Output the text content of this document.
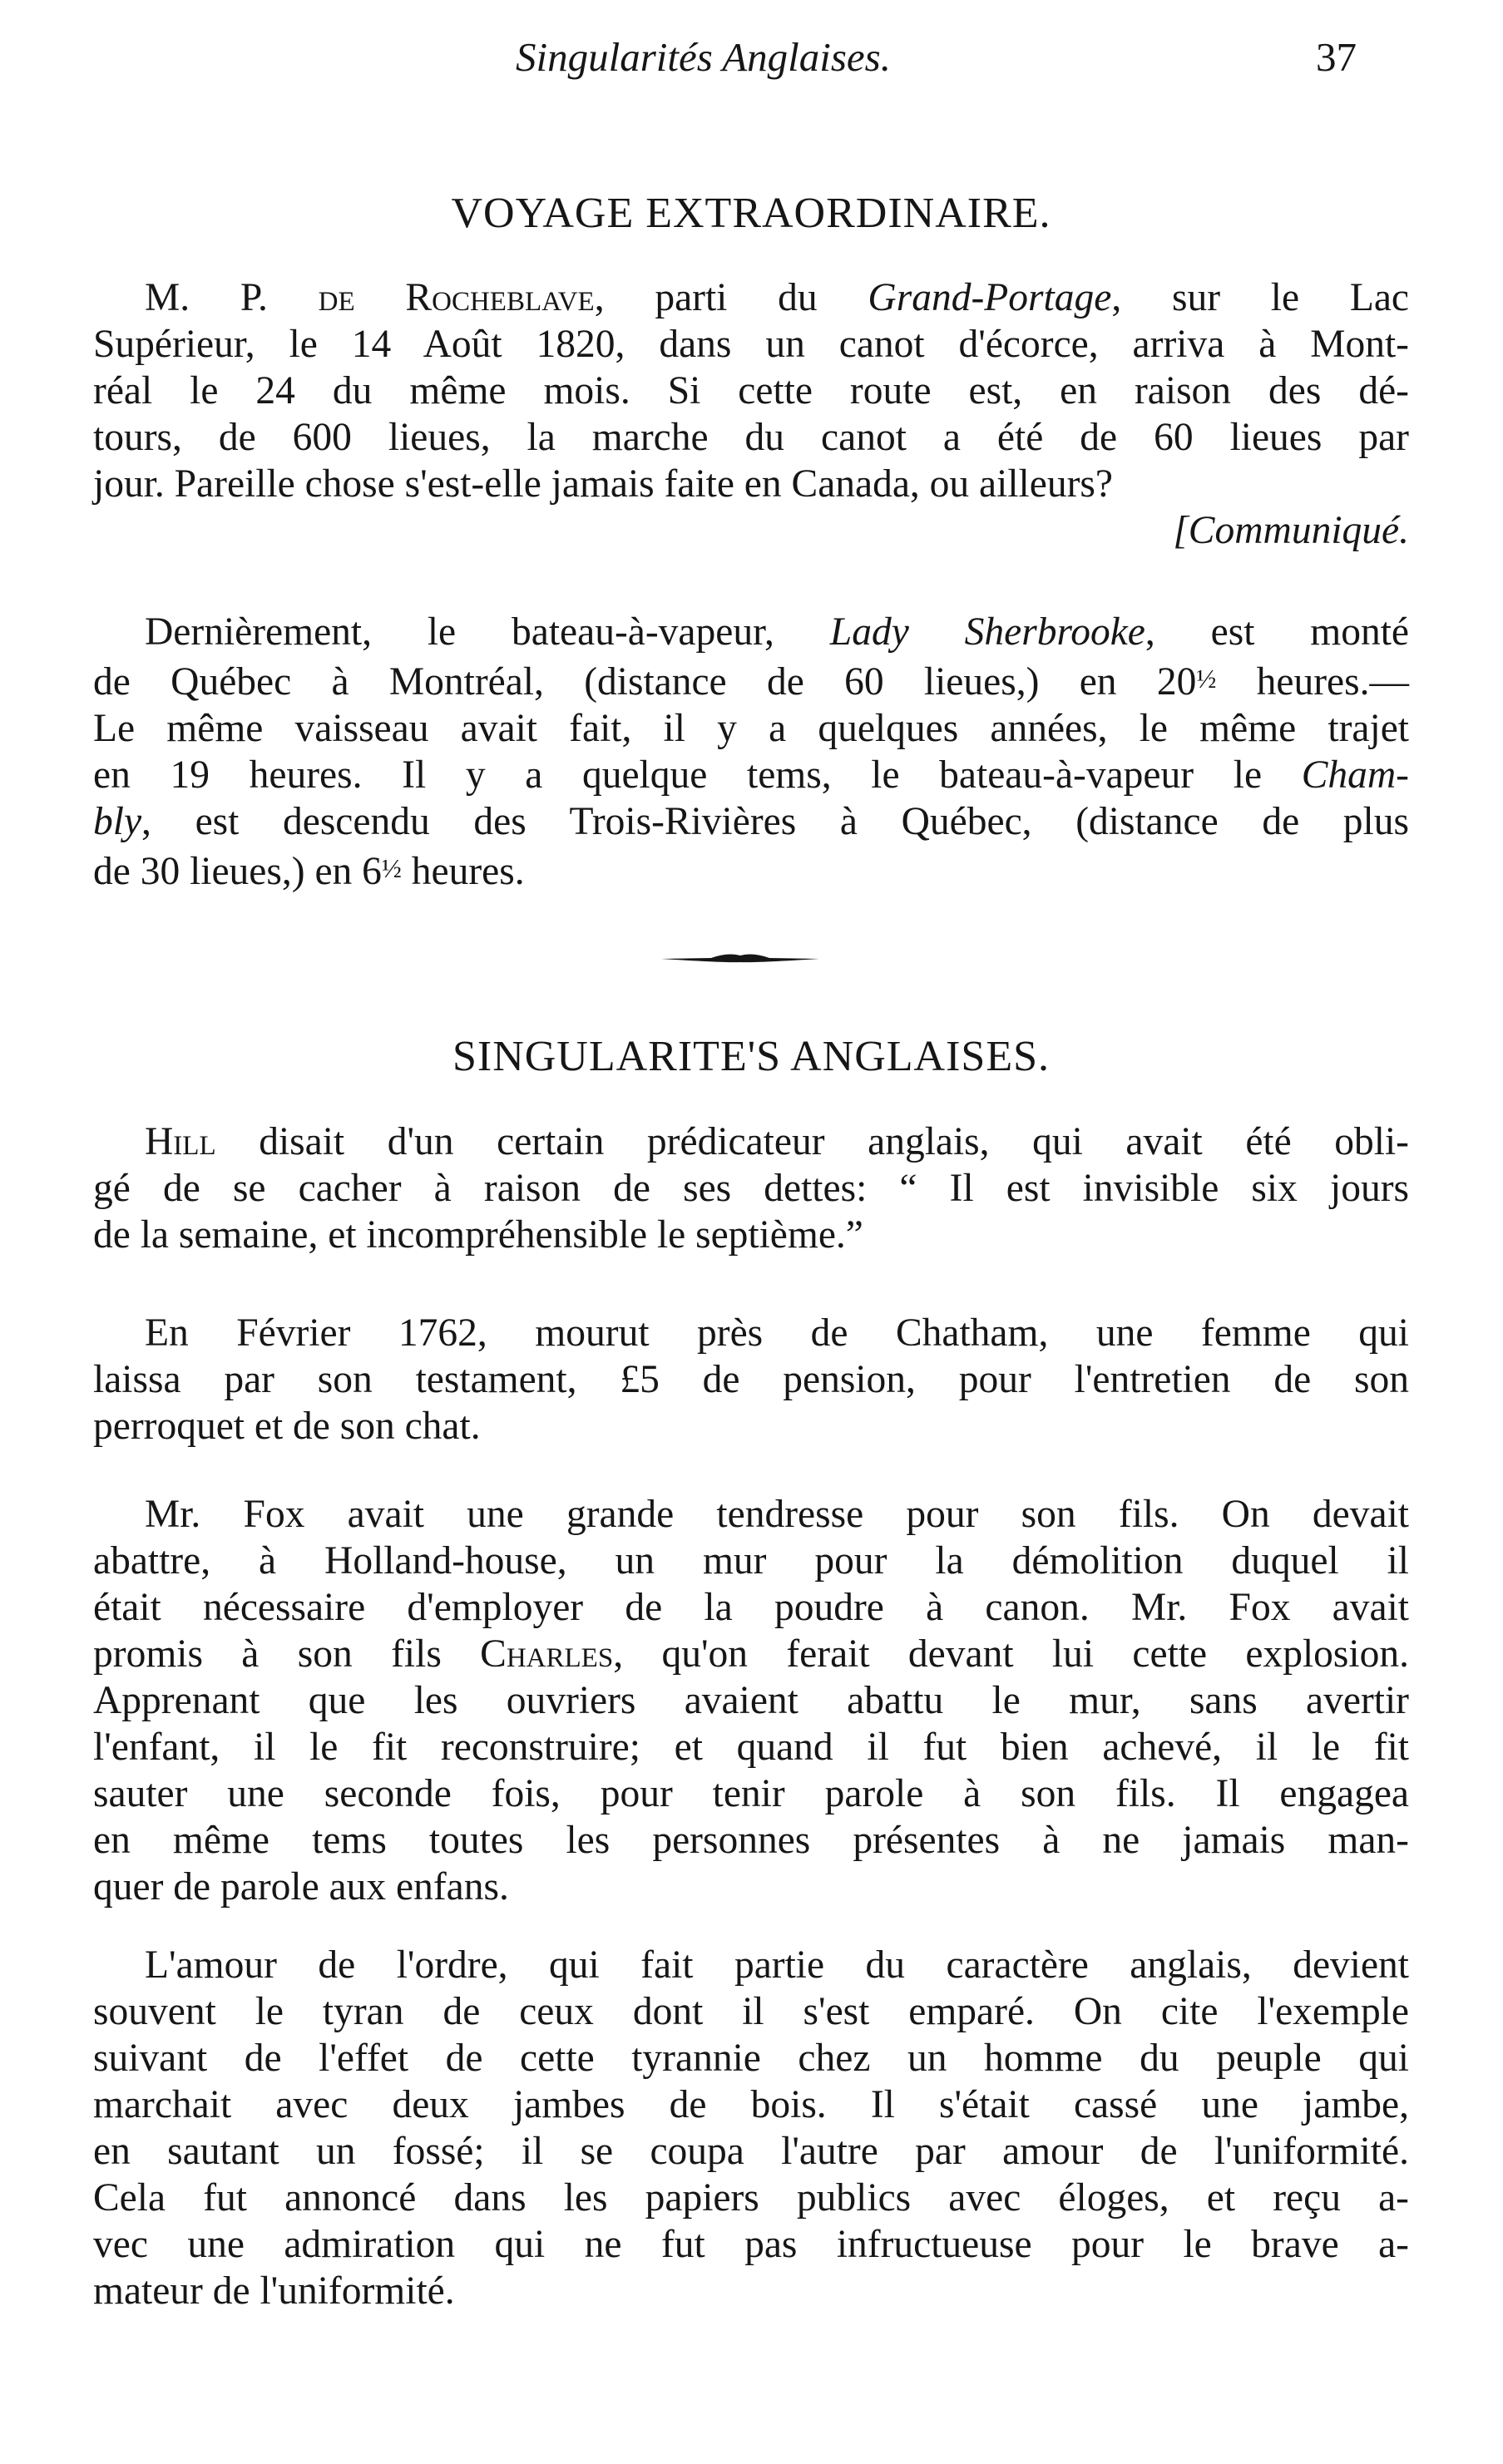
Singularités Anglaises.	37
VOYAGE EXTRAORDINAIRE.
M. P. de Rocheblave, parti du Grand-Portage, sur le Lac
Supérieur, le 14 Août 1820, dans un canot d'écorce, arriva à Mont-
réal le 24 du même mois. Si cette route est, en raison des dé-
tours, de 600 lieues, la marche du canot a été de 60 lieues par
jour. Pareille chose s'est-elle jamais faite en Canada, ou ailleurs?
[Communiqué.
Dernièrement, le bateau-à-vapeur, Lady Sherbrooke, est monté
de Québec à Montréal, (distance de 60 lieues,) en 20½ heures.—
Le même vaisseau avait fait, il y a quelques années, le même trajet
en 19 heures. Il y a quelque tems, le bateau-à-vapeur le Cham-
bly, est descendu des Trois-Rivières à Québec, (distance de plus
de 30 lieues,) en 6½ heures.
SINGULARITE'S ANGLAISES.
Hill disait d'un certain prédicateur anglais, qui avait été obli-
gé de se cacher à raison de ses dettes: “ Il est invisible six jours
de la semaine, et incompréhensible le septième.”
En Février 1762, mourut près de Chatham, une femme qui
laissa par son testament, £5 de pension, pour l'entretien de son
perroquet et de son chat.
Mr. Fox avait une grande tendresse pour son fils. On devait
abattre, à Holland-house, un mur pour la démolition duquel il
était nécessaire d'employer de la poudre à canon. Mr. Fox avait
promis à son fils Charles, qu'on ferait devant lui cette explosion.
Apprenant que les ouvriers avaient abattu le mur, sans avertir
l'enfant, il le fit reconstruire; et quand il fut bien achevé, il le fit
sauter une seconde fois, pour tenir parole à son fils. Il engagea
en même tems toutes les personnes présentes à ne jamais man-
quer de parole aux enfans.
L'amour de l'ordre, qui fait partie du caractère anglais, devient
souvent le tyran de ceux dont il s'est emparé. On cite l'exemple
suivant de l'effet de cette tyrannie chez un homme du peuple qui
marchait avec deux jambes de bois. Il s'était cassé une jambe,
en sautant un fossé; il se coupa l'autre par amour de l'uniformité.
Cela fut annoncé dans les papiers publics avec éloges, et reçu a-
vec une admiration qui ne fut pas infructueuse pour le brave a-
mateur de l'uniformité.
